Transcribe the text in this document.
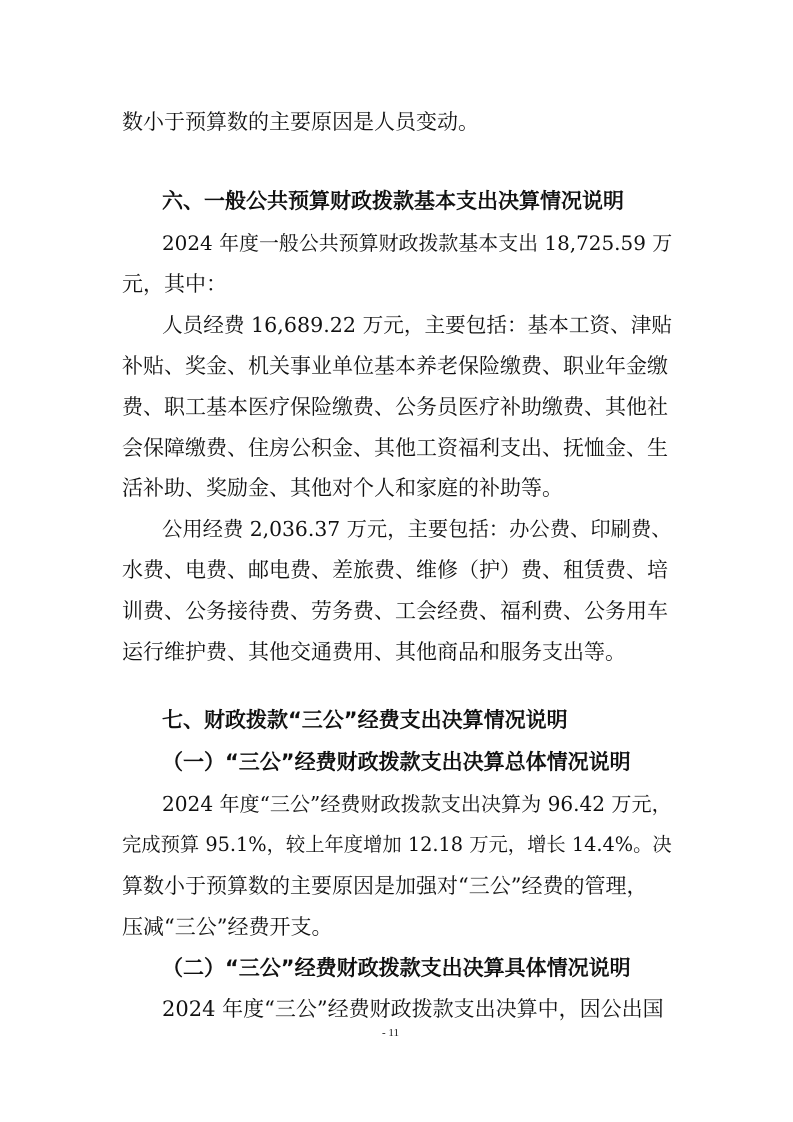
数小于预算数的主要原因是人员变动。
六、一般公共预算财政拨款基本支出决算情况说明
2024 年度一般公共预算财政拨款基本支出 18,725.59 万
元，其中：
人员经费 16,689.22 万元，主要包括：基本工资、津贴
补贴、奖金、机关事业单位基本养老保险缴费、职业年金缴
费、职工基本医疗保险缴费、公务员医疗补助缴费、其他社
会保障缴费、住房公积金、其他工资福利支出、抚恤金、生
活补助、奖励金、其他对个人和家庭的补助等。
公用经费 2,036.37 万元，主要包括：办公费、印刷费、
水费、电费、邮电费、差旅费、维修（护）费、租赁费、培
训费、公务接待费、劳务费、工会经费、福利费、公务用车
运行维护费、其他交通费用、其他商品和服务支出等。
七、财政拨款“三公”经费支出决算情况说明
（一）“三公”经费财政拨款支出决算总体情况说明
2024 年度“三公”经费财政拨款支出决算为 96.42 万元，
完成预算 95.1%，较上年度增加 12.18 万元，增长 14.4%。决
算数小于预算数的主要原因是加强对“三公”经费的管理，
压减“三公”经费开支。
（二）“三公”经费财政拨款支出决算具体情况说明
2024 年度“三公”经费财政拨款支出决算中，因公出国
- 11
